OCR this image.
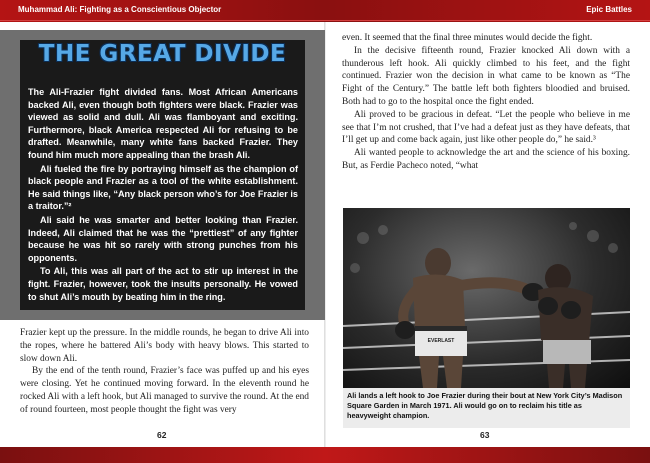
Muhammad Ali: Fighting as a Conscientious Objector	Epic Battles
THE GREAT DIVIDE

The Ali-Frazier fight divided fans. Most African Americans backed Ali, even though both fighters were black. Frazier was viewed as solid and dull. Ali was flamboyant and exciting. Furthermore, black America respected Ali for refusing to be drafted. Meanwhile, many white fans backed Frazier. They found him much more appealing than the brash Ali.

Ali fueled the fire by portraying himself as the champion of black people and Frazier as a tool of the white establishment. He said things like, “Any black person who’s for Joe Frazier is a traitor.”²

Ali said he was smarter and better looking than Frazier. Indeed, Ali claimed that he was the “prettiest” of any fighter because he was hit so rarely with strong punches from his opponents.

To Ali, this was all part of the act to stir up interest in the fight. Frazier, however, took the insults personally. He vowed to shut Ali’s mouth by beating him in the ring.

Frazier kept up the pressure. In the middle rounds, he began to drive Ali into the ropes, where he battered Ali’s body with heavy blows. This started to slow down Ali.

By the end of the tenth round, Frazier’s face was puffed up and his eyes were closing. Yet he continued moving forward. In the eleventh round he rocked Ali with a left hook, but Ali managed to survive the round. At the end of round fourteen, most people thought the fight was very

even. It seemed that the final three minutes would decide the fight.

In the decisive fifteenth round, Frazier knocked Ali down with a thunderous left hook. Ali quickly climbed to his feet, and the fight continued. Frazier won the decision in what came to be known as “The Fight of the Century.” The battle left both fighters bloodied and bruised. Both had to go to the hospital once the fight ended.

Ali proved to be gracious in defeat. “Let the people who believe in me see that I’m not crushed, that I’ve had a defeat just as they have defeats, that I’ll get up and come back again, just like other people do,” he said.³

Ali wanted people to acknowledge the art and the science of his boxing. But, as Ferdie Pacheco noted, “what

EVERLAST
Ali lands a left hook to Joe Frazier during their bout at New York City’s Madison Square Garden in March 1971. Ali would go on to reclaim his title as heavyweight champion.
62	63
